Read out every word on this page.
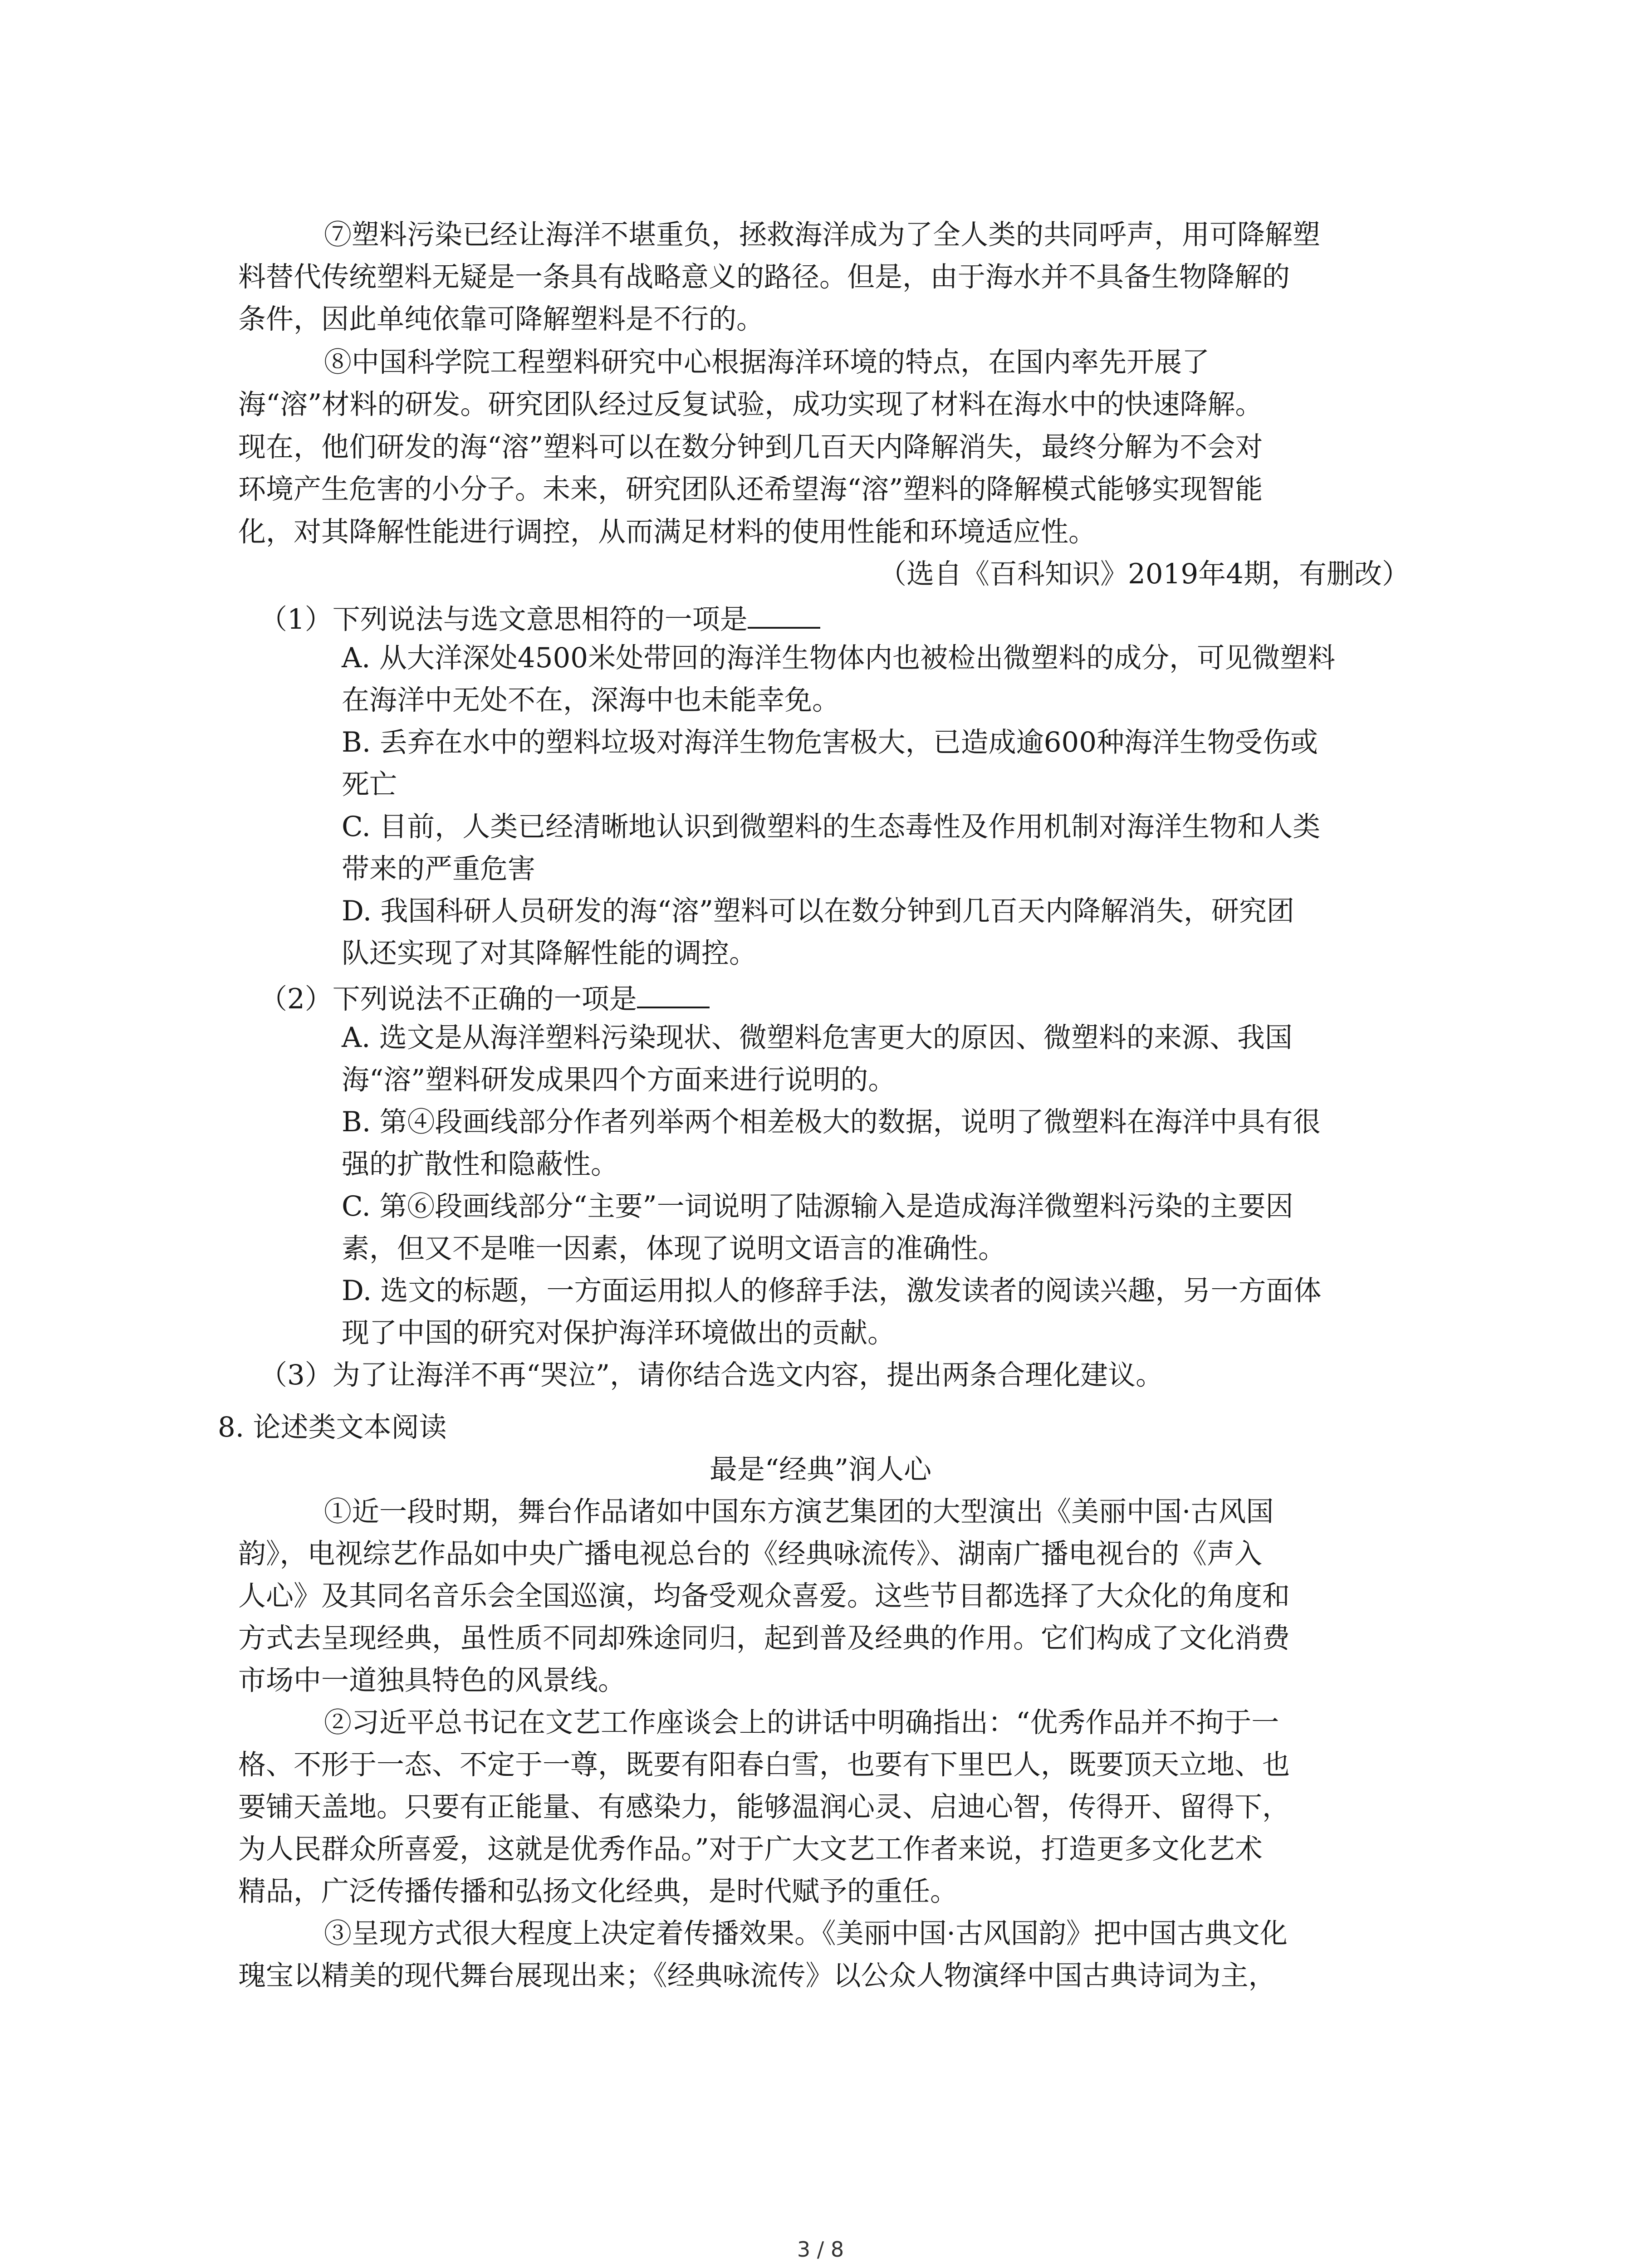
⑦塑料污染已经让海洋不堪重负，拯救海洋成为了全人类的共同呼声，用可降解塑
料替代传统塑料无疑是一条具有战略意义的路径。但是，由于海水并不具备生物降解的
条件，因此单纯依靠可降解塑料是不行的。
⑧中国科学院工程塑料研究中心根据海洋环境的特点，在国内率先开展了
海“溶”材料的研发。研究团队经过反复试验，成功实现了材料在海水中的快速降解。
现在，他们研发的海“溶”塑料可以在数分钟到几百天内降解消失，最终分解为不会对
环境产生危害的小分子。未来，研究团队还希望海“溶”塑料的降解模式能够实现智能
化，对其降解性能进行调控，从而满足材料的使用性能和环境适应性。
（选自《百科知识》2019年4期，有删改）
（1）下列说法与选文意思相符的一项是
A. 从大洋深处4500米处带回的海洋生物体内也被检出微塑料的成分，可见微塑料
在海洋中无处不在，深海中也未能幸免。
B. 丢弃在水中的塑料垃圾对海洋生物危害极大，已造成逾600种海洋生物受伤或
死亡
C. 目前，人类已经清晰地认识到微塑料的生态毒性及作用机制对海洋生物和人类
带来的严重危害
D. 我国科研人员研发的海“溶”塑料可以在数分钟到几百天内降解消失，研究团
队还实现了对其降解性能的调控。
（2）下列说法不正确的一项是
A. 选文是从海洋塑料污染现状、微塑料危害更大的原因、微塑料的来源、我国
海“溶”塑料研发成果四个方面来进行说明的。
B. 第④段画线部分作者列举两个相差极大的数据，说明了微塑料在海洋中具有很
强的扩散性和隐蔽性。
C. 第⑥段画线部分“主要”一词说明了陆源输入是造成海洋微塑料污染的主要因
素，但又不是唯一因素，体现了说明文语言的准确性。
D. 选文的标题，一方面运用拟人的修辞手法，激发读者的阅读兴趣，另一方面体
现了中国的研究对保护海洋环境做出的贡献。
（3）为了让海洋不再“哭泣”，请你结合选文内容，提出两条合理化建议。
8. 论述类文本阅读
最是“经典”润人心
①近一段时期，舞台作品诸如中国东方演艺集团的大型演出《美丽中国·古风国
韵》，电视综艺作品如中央广播电视总台的《经典咏流传》、湖南广播电视台的《声入
人心》及其同名音乐会全国巡演，均备受观众喜爱。这些节目都选择了大众化的角度和
方式去呈现经典，虽性质不同却殊途同归，起到普及经典的作用。它们构成了文化消费
市场中一道独具特色的风景线。
②习近平总书记在文艺工作座谈会上的讲话中明确指出：“优秀作品并不拘于一
格、不形于一态、不定于一尊，既要有阳春白雪，也要有下里巴人，既要顶天立地、也
要铺天盖地。只要有正能量、有感染力，能够温润心灵、启迪心智，传得开、留得下，
为人民群众所喜爱，这就是优秀作品。”对于广大文艺工作者来说，打造更多文化艺术
精品，广泛传播传播和弘扬文化经典，是时代赋予的重任。
③呈现方式很大程度上决定着传播效果。《美丽中国·古风国韵》把中国古典文化
瑰宝以精美的现代舞台展现出来；《经典咏流传》以公众人物演绎中国古典诗词为主，
3 / 8
